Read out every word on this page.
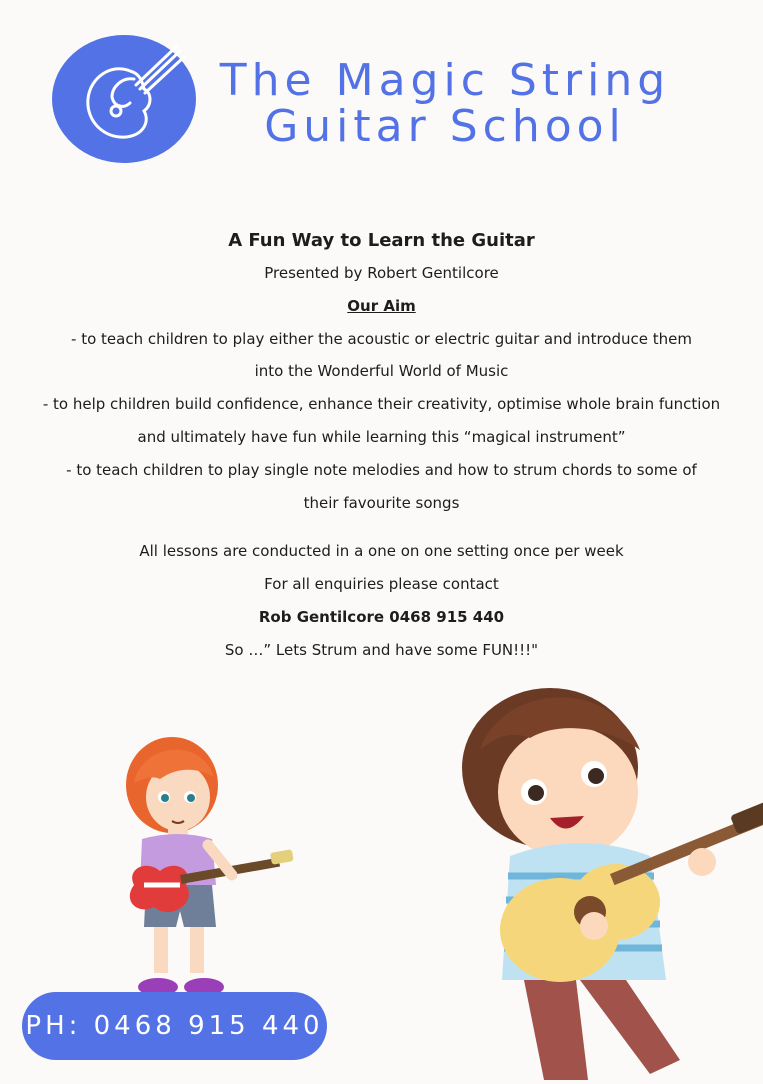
The Magic String
Guitar School
A Fun Way to Learn the Guitar
Presented by Robert Gentilcore
Our Aim
- to teach children to play either the acoustic or electric guitar and introduce them
into the Wonderful World of Music
- to help children build confidence, enhance their creativity, optimise whole brain function
and ultimately have fun while learning this “magical instrument”
- to teach children to play single note melodies and how to strum chords to some of
their favourite songs
All lessons are conducted in a one on one setting once per week
For all enquiries please contact
Rob Gentilcore 0468 915 440
So …” Lets Strum and have some FUN!!!"
PH: 0468 915 440
